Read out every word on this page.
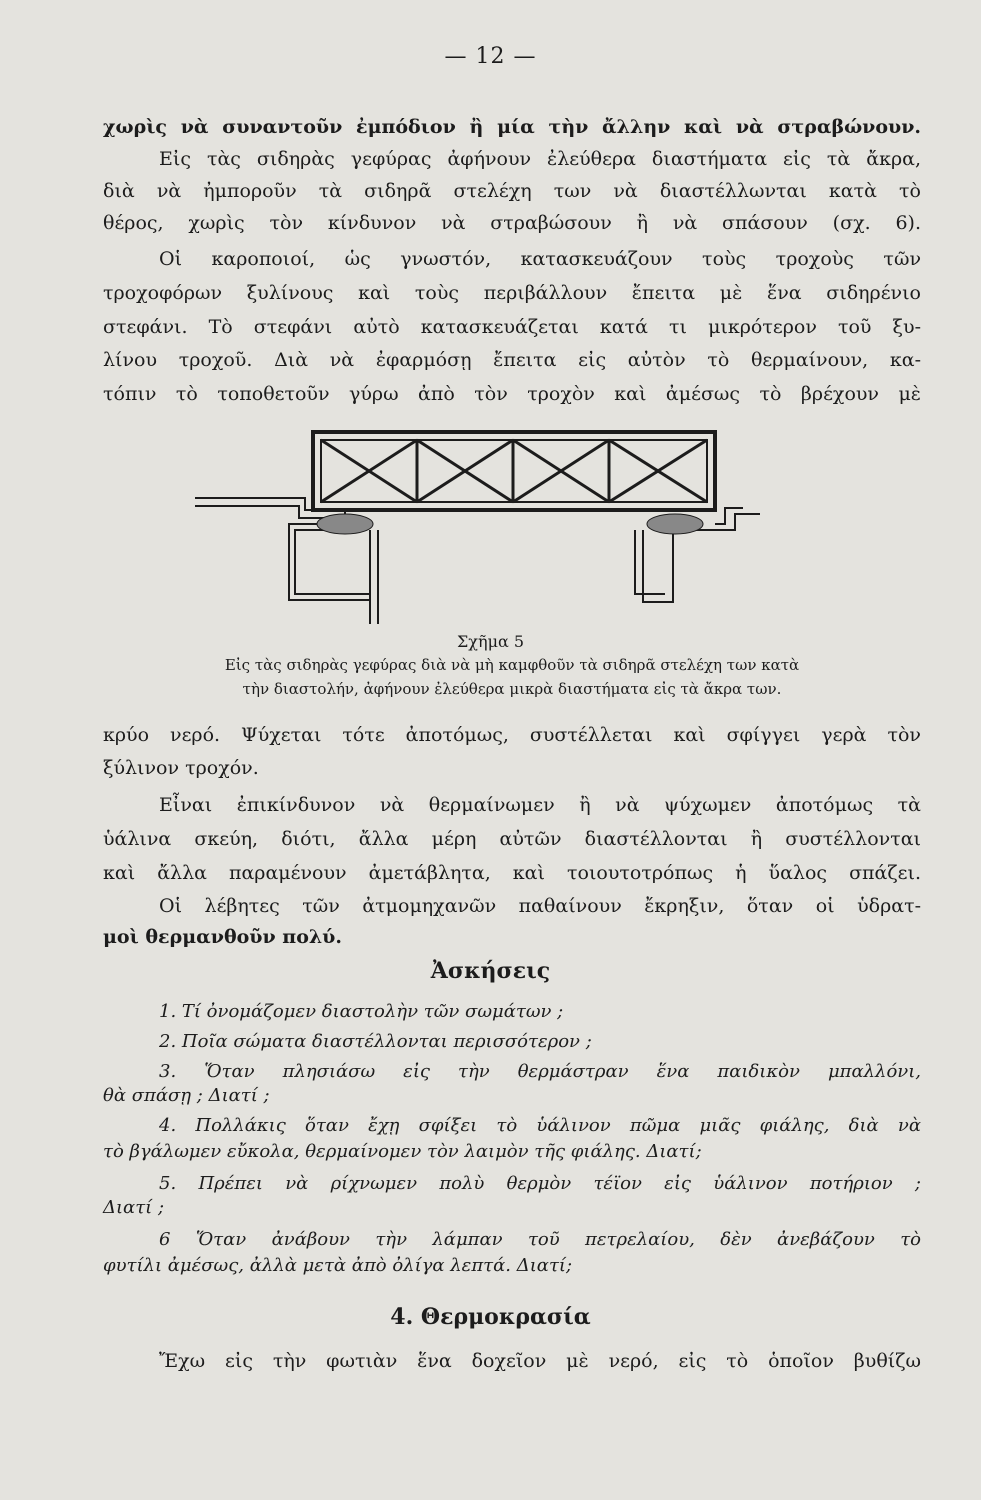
— 12 —
χωρὶς νὰ συναντοῦν ἐμπόδιον ἢ μία τὴν ἄλλην καὶ νὰ στραβώνουν.
Εἰς τὰς σιδηρὰς γεφύρας ἀφήνουν ἐλεύθερα διαστήματα εἰς τὰ ἄκρα,
διὰ νὰ ἠμποροῦν τὰ σιδηρᾶ στελέχη των νὰ διαστέλλωνται κατὰ τὸ
θέρος, χωρὶς τὸν κίνδυνον νὰ στραβώσουν ἢ νὰ σπάσουν (σχ. 6).
Οἱ καροποιοί, ὡς γνωστόν, κατασκευάζουν τοὺς τροχοὺς τῶν
τροχοφόρων ξυλίνους καὶ τοὺς περιβάλλουν ἔπειτα μὲ ἕνα σιδηρένιο
στεφάνι. Τὸ στεφάνι αὐτὸ κατασκευάζεται κατά τι μικρότερον τοῦ ξυ-
λίνου τροχοῦ. Διὰ νὰ ἐφαρμόσῃ ἔπειτα εἰς αὐτὸν τὸ θερμαίνουν, κα-
τόπιν τὸ τοποθετοῦν γύρω ἀπὸ τὸν τροχὸν καὶ ἀμέσως τὸ βρέχουν μὲ
Σχῆμα 5
Εἰς τὰς σιδηρὰς γεφύρας διὰ νὰ μὴ καμφθοῦν τὰ σιδηρᾶ στελέχη των κατὰ
τὴν διαστολήν, ἀφήνουν ἐλεύθερα μικρὰ διαστήματα εἰς τὰ ἄκρα των.
κρύο νερό. Ψύχεται τότε ἀποτόμως, συστέλλεται καὶ σφίγγει γερὰ τὸν
ξύλινον τροχόν.
Εἶναι ἐπικίνδυνον νὰ θερμαίνωμεν ἢ νὰ ψύχωμεν ἀποτόμως τὰ
ὑάλινα σκεύη, διότι, ἄλλα μέρη αὐτῶν διαστέλλονται ἢ συστέλλονται
καὶ ἄλλα παραμένουν ἀμετάβλητα, καὶ τοιουτοτρόπως ἡ ὕαλος σπάζει.
Οἱ λέβητες τῶν ἀτμομηχανῶν παθαίνουν ἔκρηξιν, ὅταν οἱ ὑδρατ-
μοὶ θερμανθοῦν πολύ.
Ἀσκήσεις
1. Τί ὀνομάζομεν διαστολὴν τῶν σωμάτων ;
2. Ποῖα σώματα διαστέλλονται περισσότερον ;
3. Ὅταν πλησιάσω εἰς τὴν θερμάστραν ἕνα παιδικὸν μπαλλόνι,
θὰ σπάσῃ ; Διατί ;
4. Πολλάκις ὅταν ἔχῃ σφίξει τὸ ὑάλινον πῶμα μιᾶς φιάλης, διὰ νὰ
τὸ βγάλωμεν εὔκολα, θερμαίνομεν τὸν λαιμὸν τῆς φιάλης. Διατί;
5. Πρέπει νὰ ρίχνωμεν πολὺ θερμὸν τέϊον εἰς ὑάλινον ποτήριον ;
Διατί ;
6 Ὅταν ἀνάβουν τὴν λάμπαν τοῦ πετρελαίου, δὲν ἀνεβάζουν τὸ
φυτίλι ἀμέσως, ἀλλὰ μετὰ ἀπὸ ὀλίγα λεπτά. Διατί;
4. Θερμοκρασία
Ἔχω εἰς τὴν φωτιὰν ἕνα δοχεῖον μὲ νερό, εἰς τὸ ὁποῖον βυθίζω
